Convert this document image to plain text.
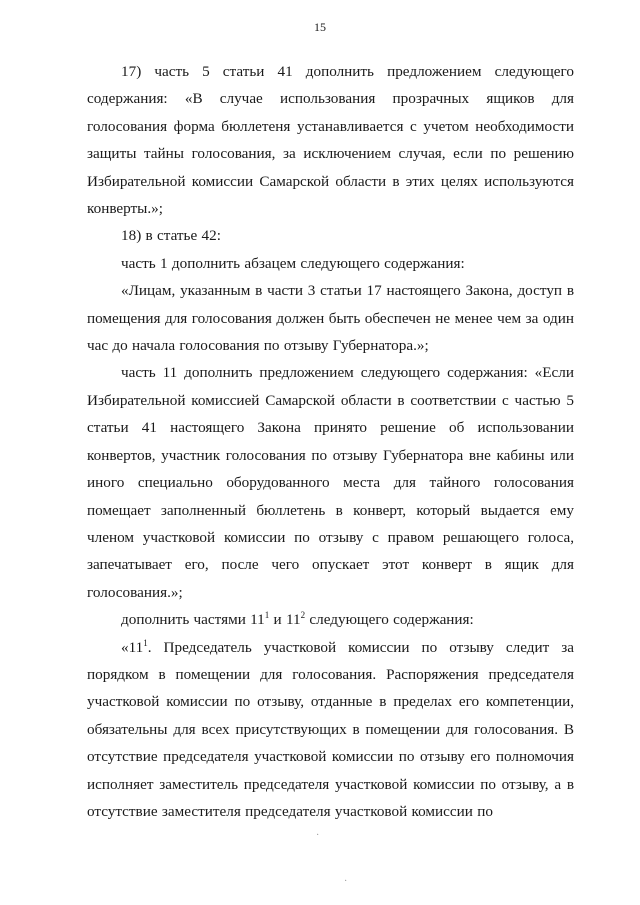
15

17) часть 5 статьи 41 дополнить предложением следующего содержания: «В случае использования прозрачных ящиков для голосования форма бюллетеня устанавливается с учетом необходимости защиты тайны голосования, за исключением случая, если по решению Избирательной комиссии Самарской области в этих целях используются конверты.»;

18) в статье 42:

часть 1 дополнить абзацем следующего содержания:

«Лицам, указанным в части 3 статьи 17 настоящего Закона, доступ в помещения для голосования должен быть обеспечен не менее чем за один час до начала голосования по отзыву Губернатора.»;

часть 11 дополнить предложением следующего содержания: «Если Избирательной комиссией Самарской области в соответствии с частью 5 статьи 41 настоящего Закона принято решение об использовании конвертов, участник голосования по отзыву Губернатора вне кабины или иного специально оборудованного места для тайного голосования помещает заполненный бюллетень в конверт, который выдается ему членом участковой комиссии по отзыву с правом решающего голоса, запечатывает его, после чего опускает этот конверт в ящик для голосования.»;

дополнить частями $11^1$ и $11^2$ следующего содержания:

«$11^1$. Председатель участковой комиссии по отзыву следит за порядком в помещении для голосования. Распоряжения председателя участковой комиссии по отзыву, отданные в пределах его компетенции, обязательны для всех присутствующих в помещении для голосования. В отсутствие председателя участковой комиссии по отзыву его полномочия исполняет заместитель председателя участковой комиссии по отзыву, а в отсутствие заместителя председателя участковой комиссии по

·
·
